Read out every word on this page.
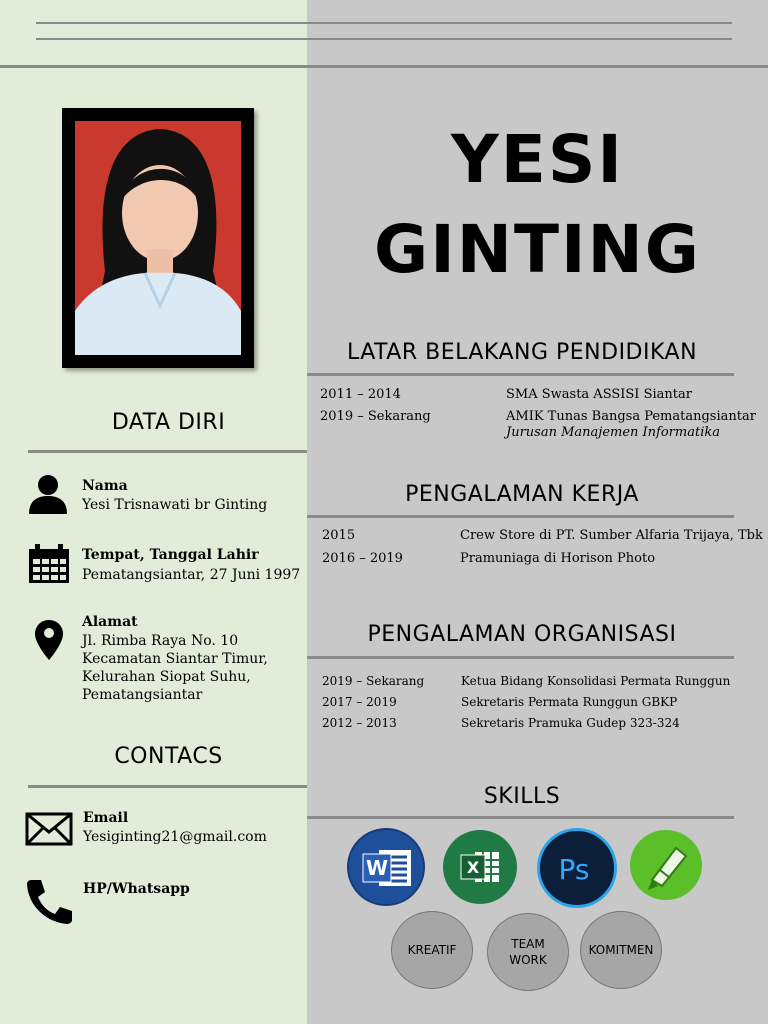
YESI
GINTING
DATA DIRI
Nama
Yesi Trisnawati br Ginting
Tempat, Tanggal Lahir
Pematangsiantar, 27 Juni 1997
Alamat
Jl. Rimba Raya No. 10
Kecamatan Siantar Timur,
Kelurahan Siopat Suhu,
Pematangsiantar
CONTACS
Email
Yesiginting21@gmail.com
HP/Whatsapp
LATAR BELAKANG PENDIDIKAN
2011 – 2014	SMA Swasta ASSISI Siantar
2019 – Sekarang	AMIK Tunas Bangsa Pematangsiantar
Jurusan Manajemen Informatika
PENGALAMAN KERJA
2015	Crew Store di PT. Sumber Alfaria Trijaya, Tbk
2016 – 2019	Pramuniaga di Horison Photo
PENGALAMAN ORGANISASI
2019 – Sekarang	Ketua Bidang Konsolidasi Permata Runggun
2017 – 2019	Sekretaris Permata Runggun GBKP
2012 – 2013	Sekretaris Pramuka Gudep 323-324
SKILLS
W	X	Ps
KREATIF	TEAM WORK
KOMITMEN
